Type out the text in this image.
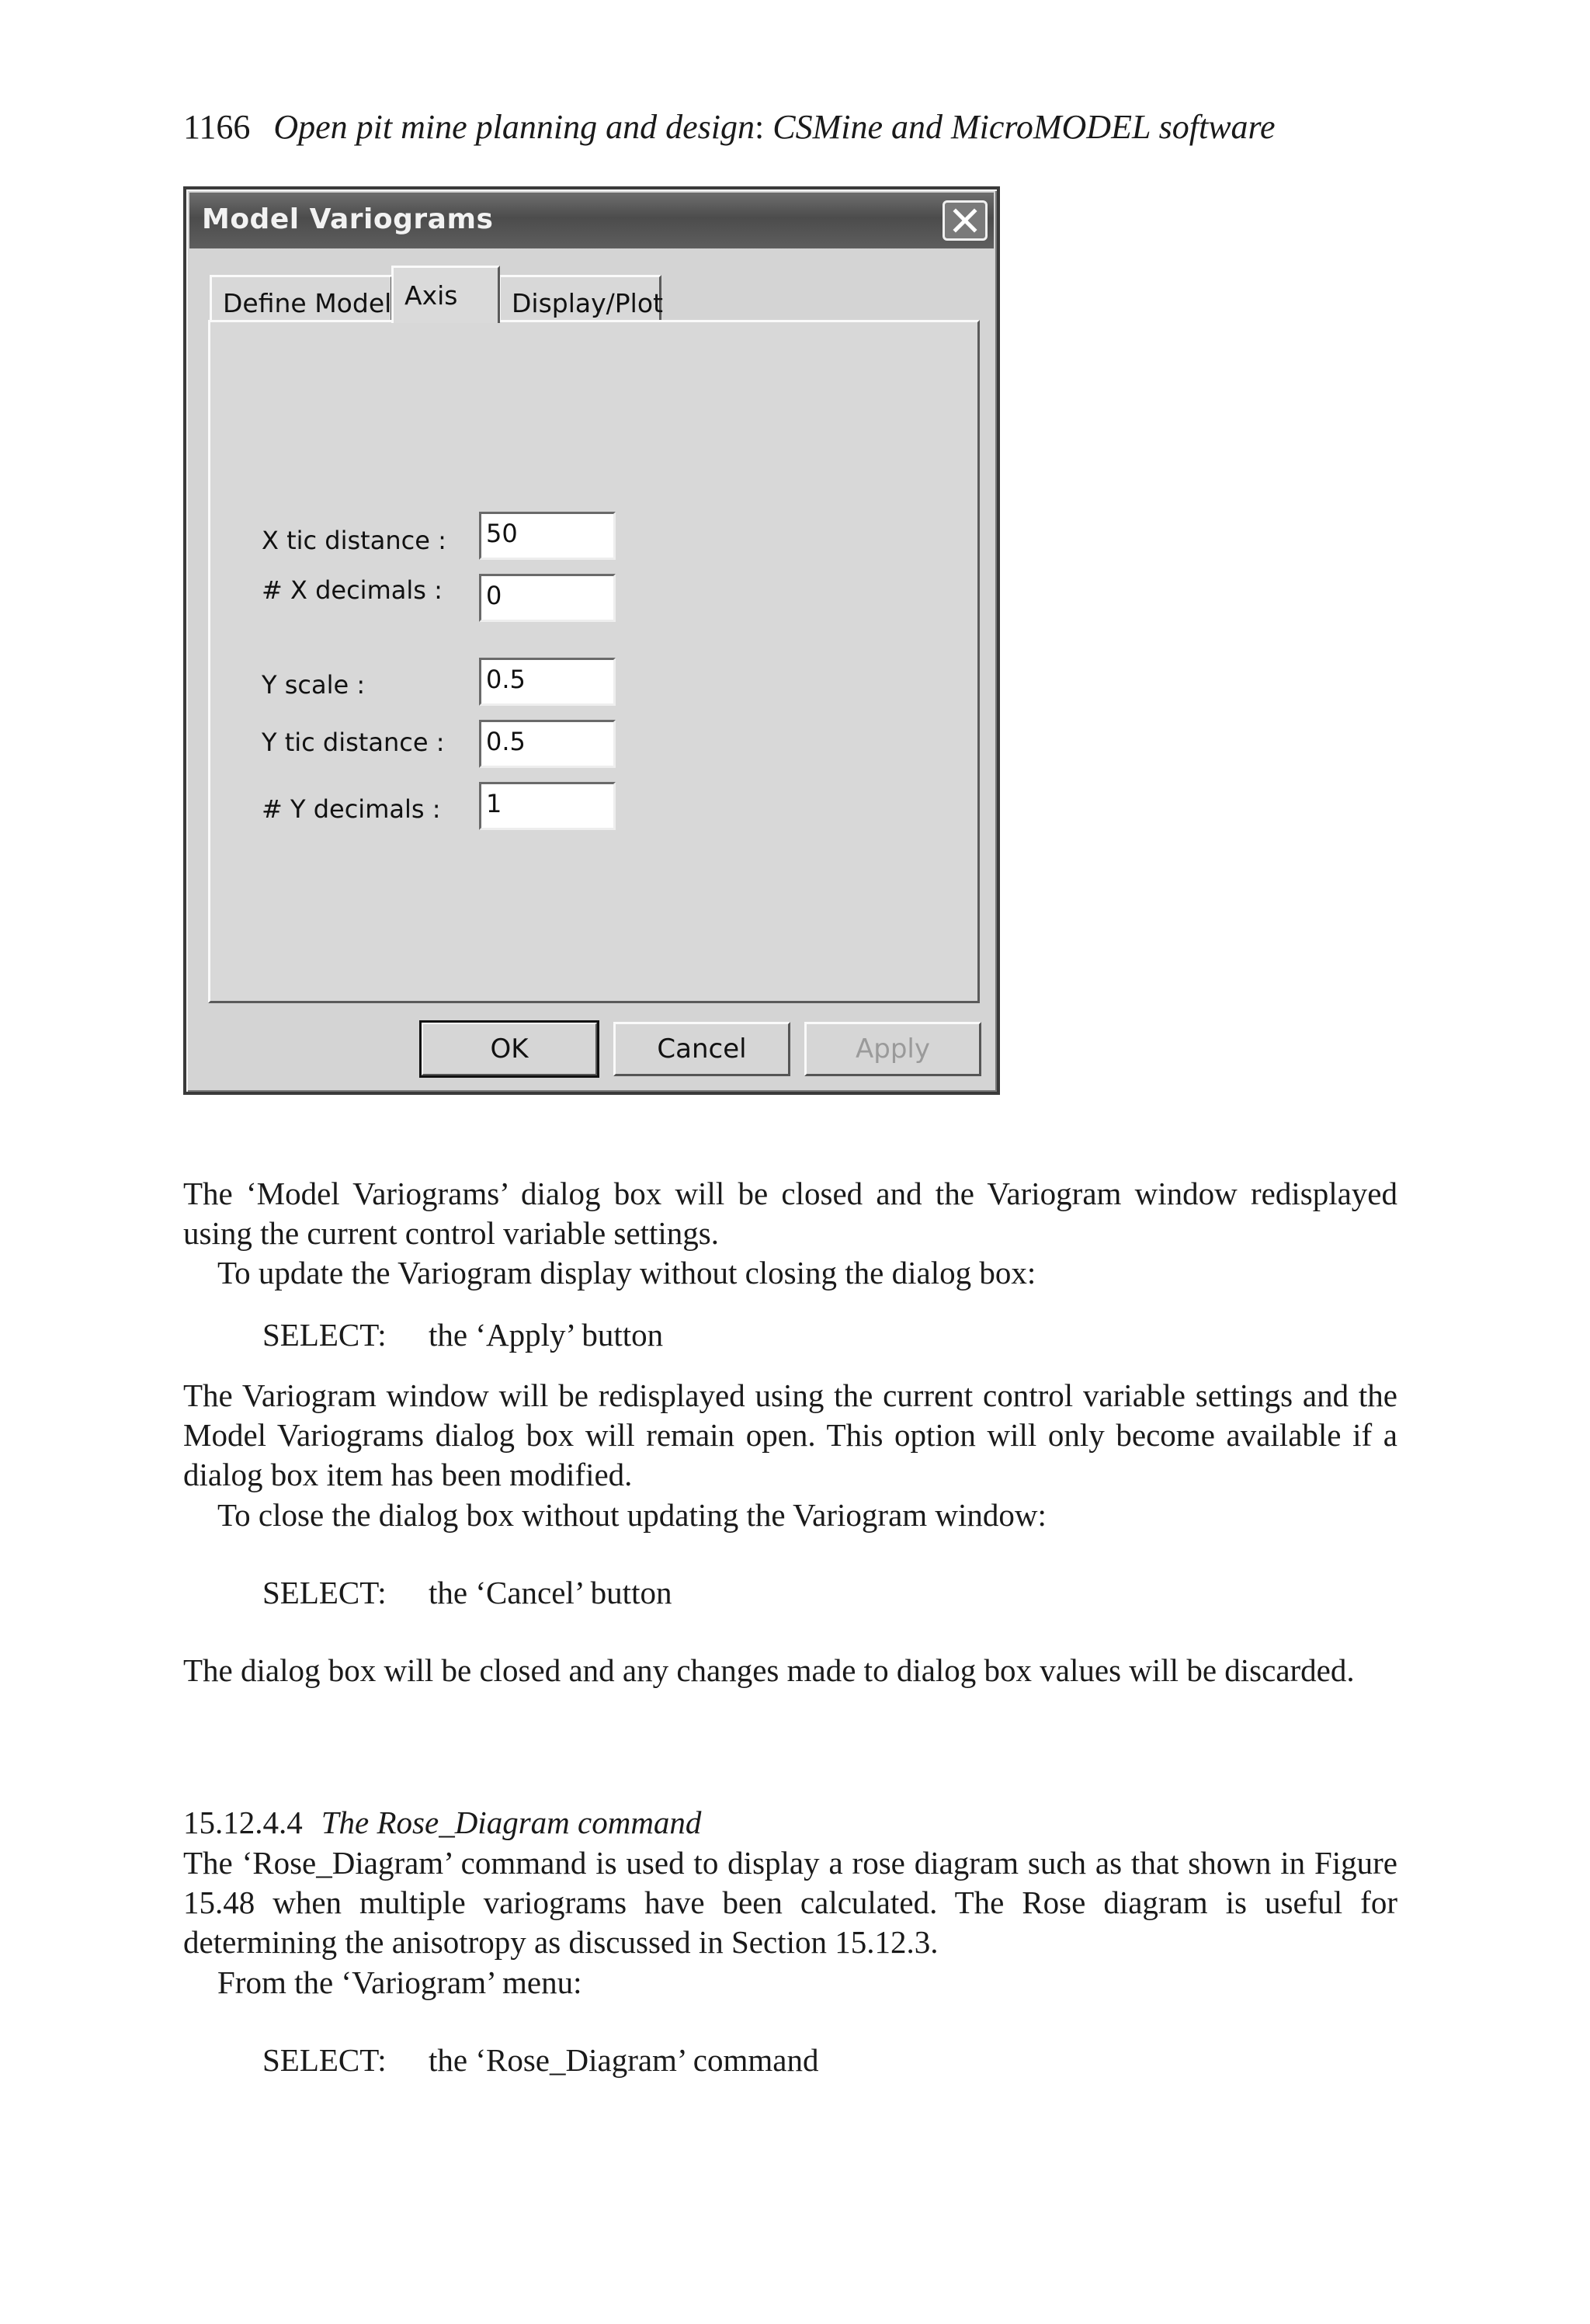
1166 Open pit mine planning and design: CSMine and MicroMODEL software
Model Variograms
Define Model Axis	Display/Plot
X tic distance : 50
# X decimals : 0
Y scale :	0.5
Y tic distance : 0.5
# Y decimals : 1
OK	Cancel	Apply
The ‘Model Variograms’ dialog box will be closed and the Variogram window redisplayed using the current control variable settings.
To update the Variogram display without closing the dialog box:
SELECT: the ‘Apply’ button
The Variogram window will be redisplayed using the current control variable settings and the Model Variograms dialog box will remain open. This option will only become available if a dialog box item has been modified.
To close the dialog box without updating the Variogram window:
SELECT: the ‘Cancel’ button
The dialog box will be closed and any changes made to dialog box values will be discarded.
15.12.4.4 The Rose_Diagram command
The ‘Rose_Diagram’ command is used to display a rose diagram such as that shown in Figure 15.48 when multiple variograms have been calculated. The Rose diagram is useful for determining the anisotropy as discussed in Section 15.12.3.
From the ‘Variogram’ menu:
SELECT: the ‘Rose_Diagram’ command
